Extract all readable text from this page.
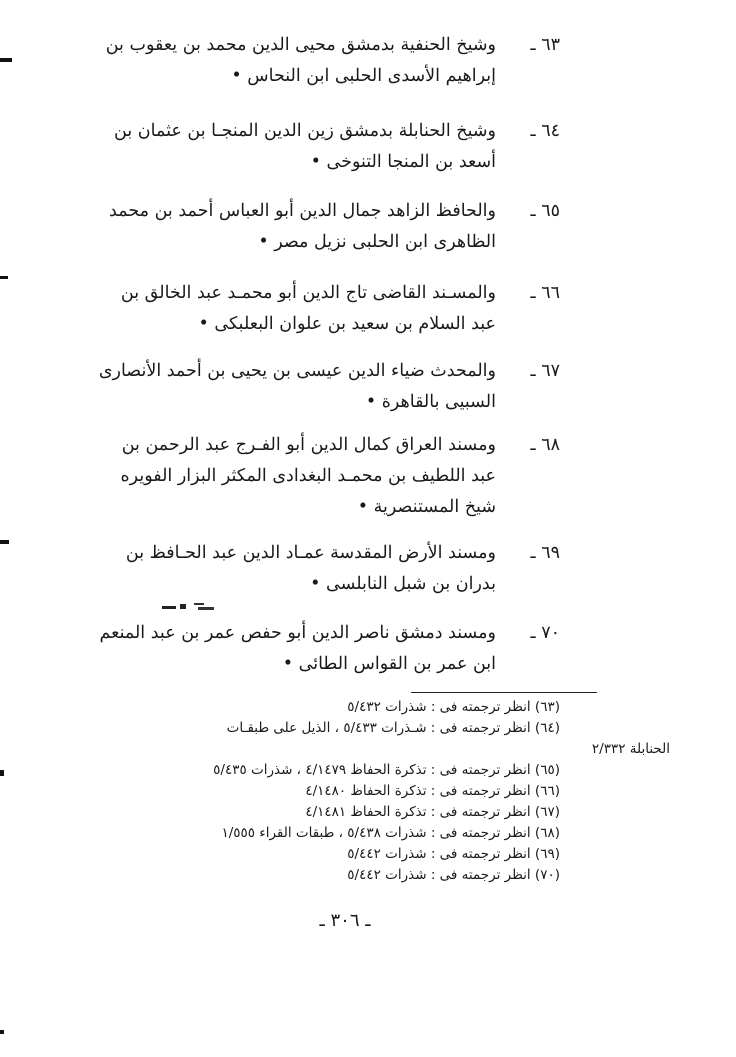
٦٣ ـوشيخ الحنفية بدمشق محيى الدين محمد بن يعقوب بن
إبراهيم الأسدى الحلبى ابن النحاس •
٦٤ ـوشيخ الحنابلة بدمشق زين الدين المنجـا بن عثمان بن
أسعد بن المنجا التنوخى •
٦٥ ـوالحافظ الزاهد جمال الدين أبو العباس أحمد بن محمد
الظاهرى ابن الحلبى نزيل مصر •
٦٦ ـوالمسـند القاضى تاج الدين أبو محمـد عبد الخالق بن
عبد السلام بن سعيد بن علوان البعلبكى •
٦٧ ـوالمحدث ضياء الدين عيسى بن يحيى بن أحمد الأنصارى
السبيى بالقاهرة •
٦٨ ـومسند العراق كمال الدين أبو الفـرج عبد الرحمن بن
عبد اللطيف بن محمـد البغدادى المكثر البزار الفويره
شيخ المستنصرية •
٦٩ ـومسند الأرض المقدسة عمـاد الدين عبد الحـافظ بن
بدران بن شبل النابلسى •
٧٠ ـومسند دمشق ناصر الدين أبو حفص عمر بن عبد المنعم
ابن عمر بن القواس الطائى •
(٦٣) انظر ترجمته فى : شذرات ٥/٤٣٢
(٦٤) انظر ترجمته فى : شـذرات ٥/٤٣٣ ، الذيل على طبقـات
الحنابلة ٢/٣٣٢
(٦٥) انظر ترجمته فى : تذكرة الحفاظ ٤/١٤٧٩ ، شذرات ٥/٤٣٥
(٦٦) انظر ترجمته فى : تذكرة الحفاظ ٤/١٤٨٠
(٦٧) انظر ترجمته فى : تذكرة الحفاظ ٤/١٤٨١
(٦٨) انظر ترجمته فى : شذرات ٥/٤٣٨ ، طبقات القراء ١/٥٥٥
(٦٩) انظر ترجمته فى : شذرات ٥/٤٤٢
(٧٠) انظر ترجمته فى : شذرات ٥/٤٤٢
ـ ٣٠٦ ـ
